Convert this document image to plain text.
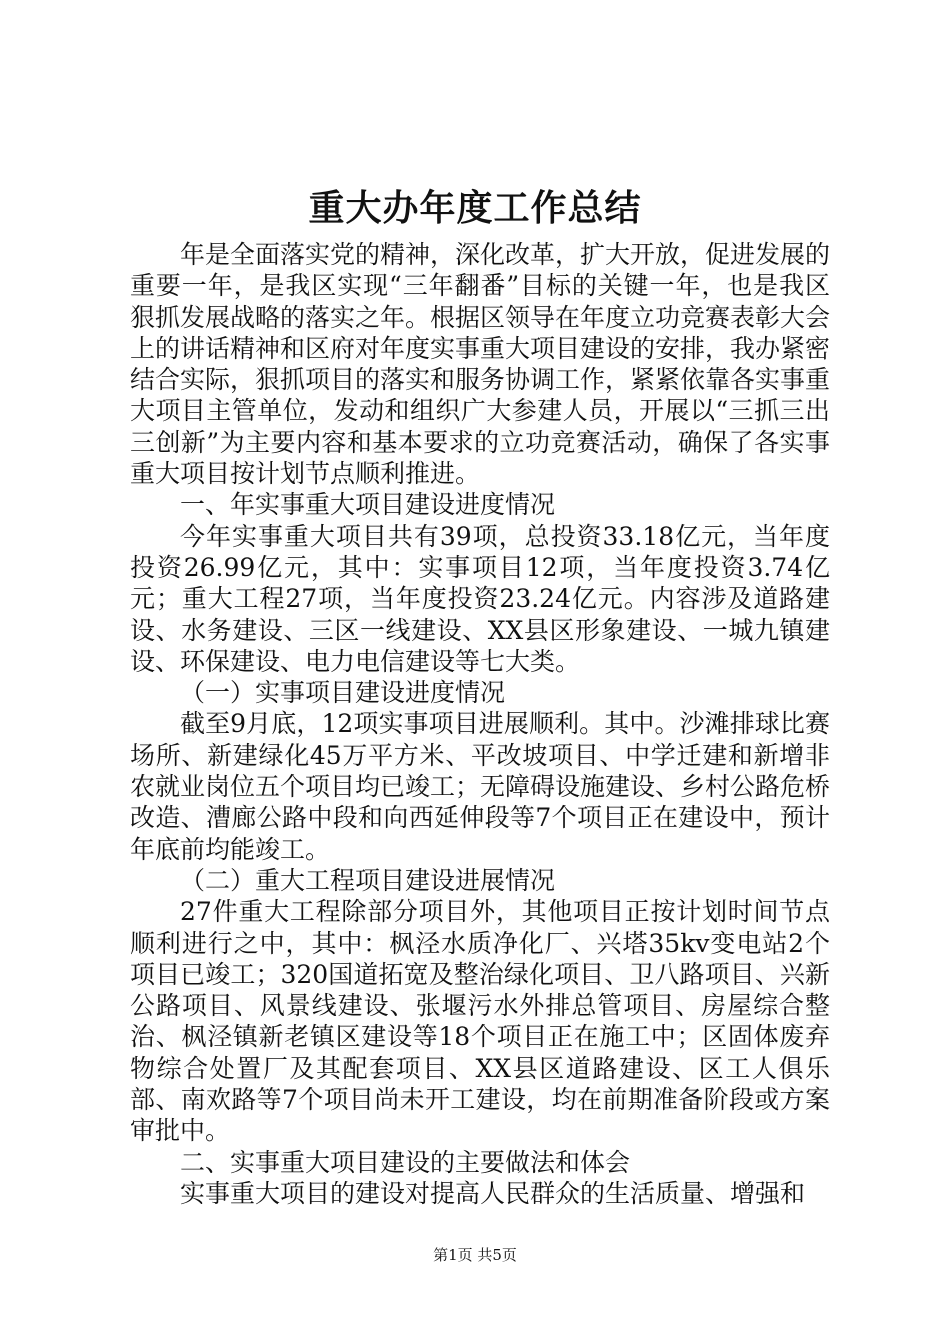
重大办年度工作总结

年是全面落实党的精神，深化改革，扩大开放，促进发展的重要一年，是我区实现“三年翻番”目标的关键一年，也是我区狠抓发展战略的落实之年。根据区领导在年度立功竞赛表彰大会上的讲话精神和区府对年度实事重大项目建设的安排，我办紧密结合实际，狠抓项目的落实和服务协调工作，紧紧依靠各实事重大项目主管单位，发动和组织广大参建人员，开展以“三抓三出三创新”为主要内容和基本要求的立功竞赛活动，确保了各实事重大项目按计划节点顺利推进。

一、年实事重大项目建设进度情况

今年实事重大项目共有39项，总投资33.18亿元，当年度投资26.99亿元，其中：实事项目12项，当年度投资3.74亿元；重大工程27项，当年度投资23.24亿元。内容涉及道路建设、水务建设、三区一线建设、XX县区形象建设、一城九镇建设、环保建设、电力电信建设等七大类。

（一）实事项目建设进度情况

截至9月底，12项实事项目进展顺利。其中。沙滩排球比赛场所、新建绿化45万平方米、平改坡项目、中学迁建和新增非农就业岗位五个项目均已竣工；无障碍设施建设、乡村公路危桥改造、漕廊公路中段和向西延伸段等7个项目正在建设中，预计年底前均能竣工。

（二）重大工程项目建设进展情况

27件重大工程除部分项目外，其他项目正按计划时间节点顺利进行之中，其中：枫泾水质净化厂、兴塔35kv变电站2个项目已竣工；320国道拓宽及整治绿化项目、卫八路项目、兴新公路项目、风景线建设、张堰污水外排总管项目、房屋综合整治、枫泾镇新老镇区建设等18个项目正在施工中；区固体废弃物综合处置厂及其配套项目、XX县区道路建设、区工人俱乐部、南欢路等7个项目尚未开工建设，均在前期准备阶段或方案审批中。

二、实事重大项目建设的主要做法和体会

实事重大项目的建设对提高人民群众的生活质量、增强和

第1页 共5页
